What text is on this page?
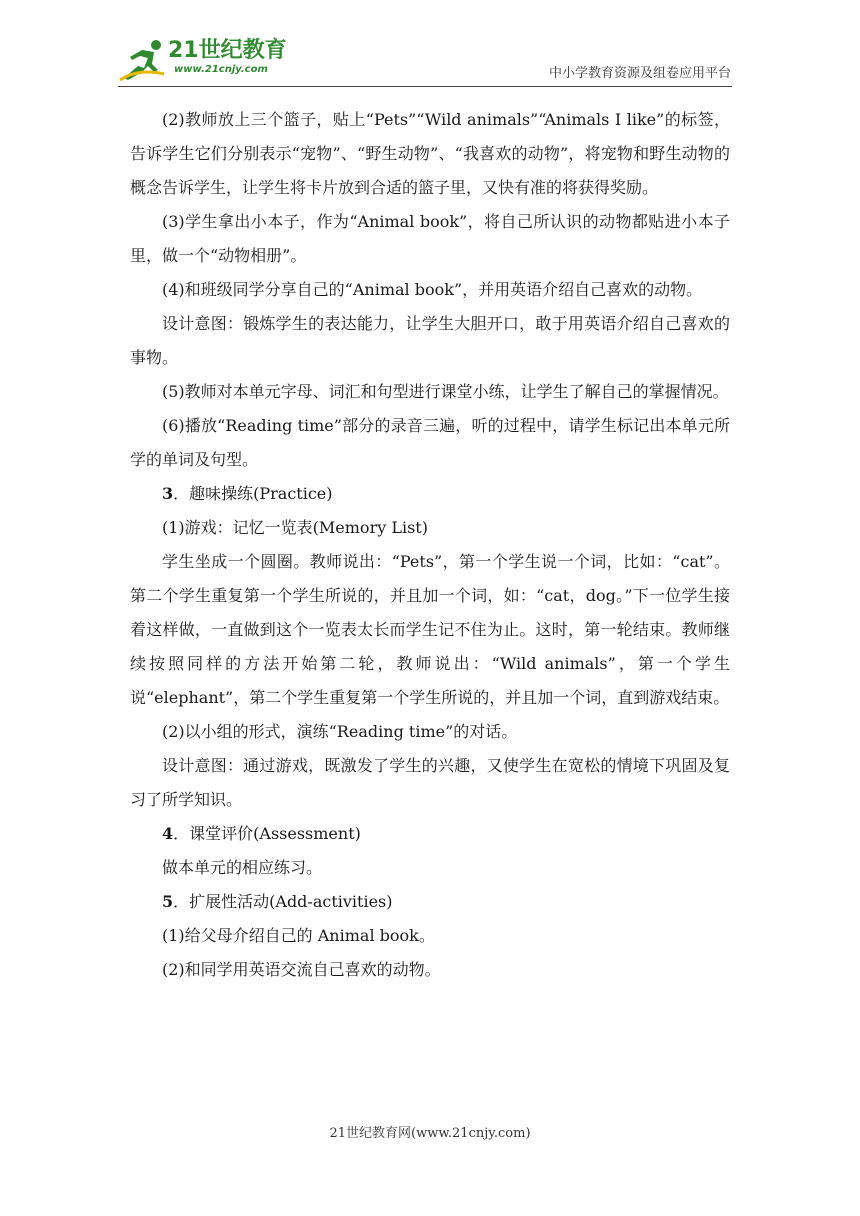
21世纪教育
www.21cnjy.com	中小学教育资源及组卷应用平台

(2)教师放上三个篮子，贴上“Pets”“Wild animals”“Animals I like”的标签，告诉学生它们分别表示“宠物”、“野生动物”、“我喜欢的动物”，将宠物和野生动物的概念告诉学生，让学生将卡片放到合适的篮子里，又快有准的将获得奖励。

(3)学生拿出小本子，作为“Animal book”，将自己所认识的动物都贴进小本子里，做一个“动物相册”。

(4)和班级同学分享自己的“Animal book”，并用英语介绍自己喜欢的动物。

设计意图：锻炼学生的表达能力，让学生大胆开口，敢于用英语介绍自己喜欢的事物。

(5)教师对本单元字母、词汇和句型进行课堂小练，让学生了解自己的掌握情况。

(6)播放“Reading time”部分的录音三遍，听的过程中，请学生标记出本单元所学的单词及句型。

3．趣味操练(Practice)

(1)游戏：记忆一览表(Memory List)

学生坐成一个圆圈。教师说出：“Pets”，第一个学生说一个词，比如：“cat”。第二个学生重复第一个学生所说的，并且加一个词，如：“cat，dog。”下一位学生接着这样做，一直做到这个一览表太长而学生记不住为止。这时，第一轮结束。教师继续按照同样的方法开始第二轮，教师说出：“Wild animals”，第一个学生说“elephant”，第二个学生重复第一个学生所说的，并且加一个词，直到游戏结束。

(2)以小组的形式，演练“Reading time”的对话。

设计意图：通过游戏，既激发了学生的兴趣，又使学生在宽松的情境下巩固及复习了所学知识。

4．课堂评价(Assessment)

做本单元的相应练习。

5．扩展性活动(Add-activities)

(1)给父母介绍自己的 Animal book。

(2)和同学用英语交流自己喜欢的动物。

21世纪教育网(www.21cnjy.com)
